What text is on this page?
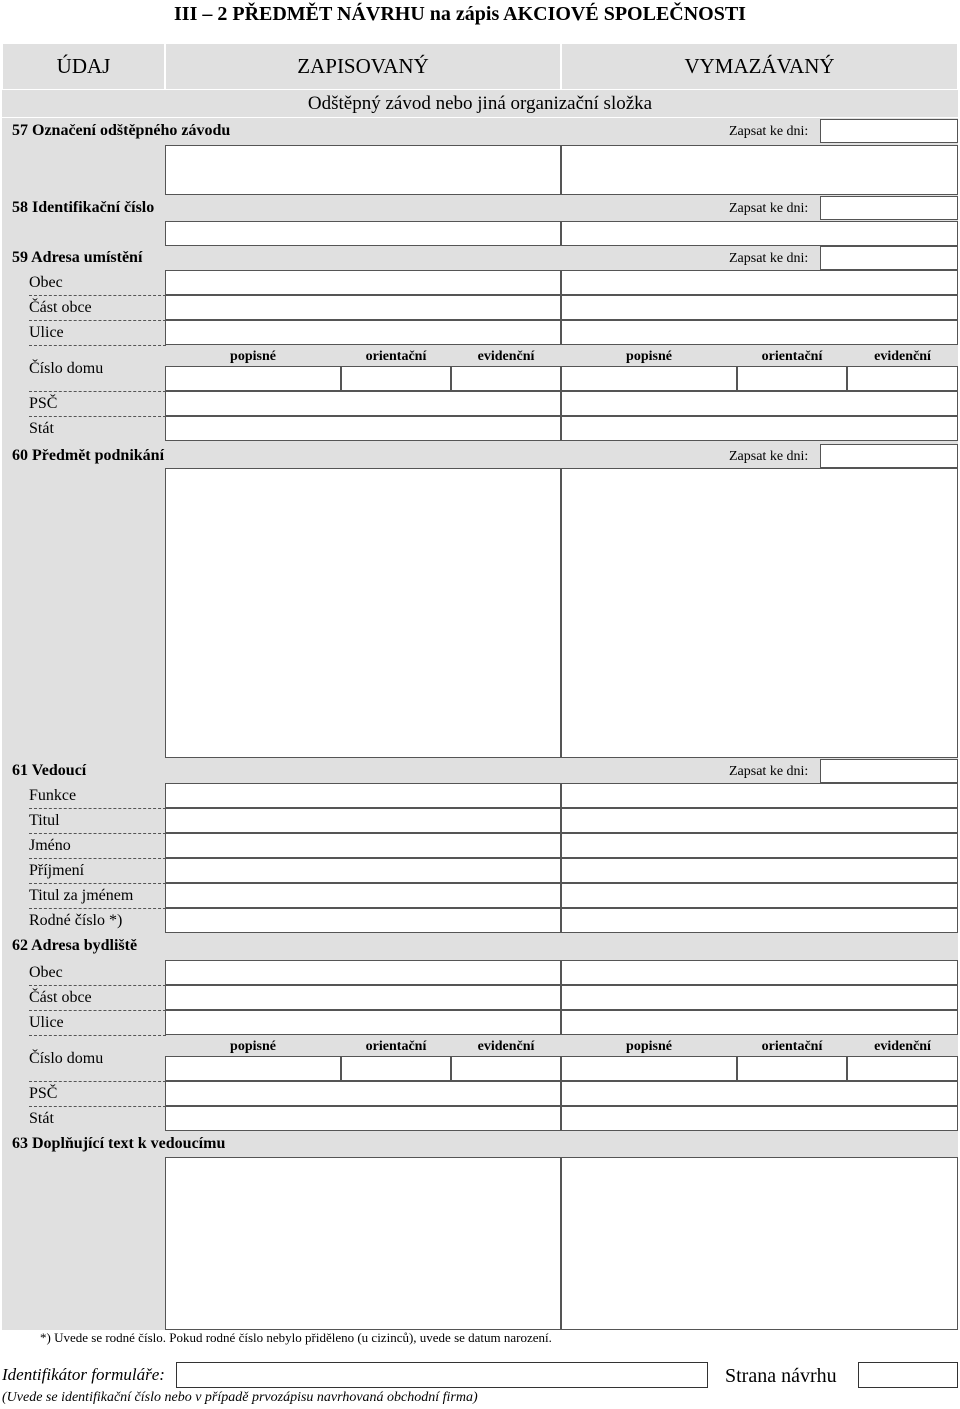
III – 2 PŘEDMĚT NÁVRHU na zápis AKCIOVÉ SPOLEČNOSTI
ÚDAJ	ZAPISOVANÝ	VYMAZÁVANÝ
Odštěpný závod nebo jiná organizační složka
57 Označení odštěpného závodu	Zapsat ke dni:
58 Identifikační číslo	Zapsat ke dni:
59 Adresa umístění	Zapsat ke dni:
Obec
Část obce
Ulice
Číslo domu
popisné	orientační	evidenční	popisné	orientační	evidenční
PSČ
Stát
60 Předmět podnikání	Zapsat ke dni:
61 Vedoucí	Zapsat ke dni:
Funkce
Titul
Jméno
Příjmení
Titul za jménem
Rodné číslo *)
62 Adresa bydliště
Obec
Část obce
Ulice
Číslo domu
popisné	orientační	evidenční	popisné	orientační	evidenční
PSČ
Stát
63 Doplňující text k vedoucímu
*) Uvede se rodné číslo. Pokud rodné číslo nebylo přiděleno (u cizinců), uvede se datum narození.
Identifikátor formuláře:	Strana návrhu
(Uvede se identifikační číslo nebo v případě prvozápisu navrhovaná obchodní firma)
